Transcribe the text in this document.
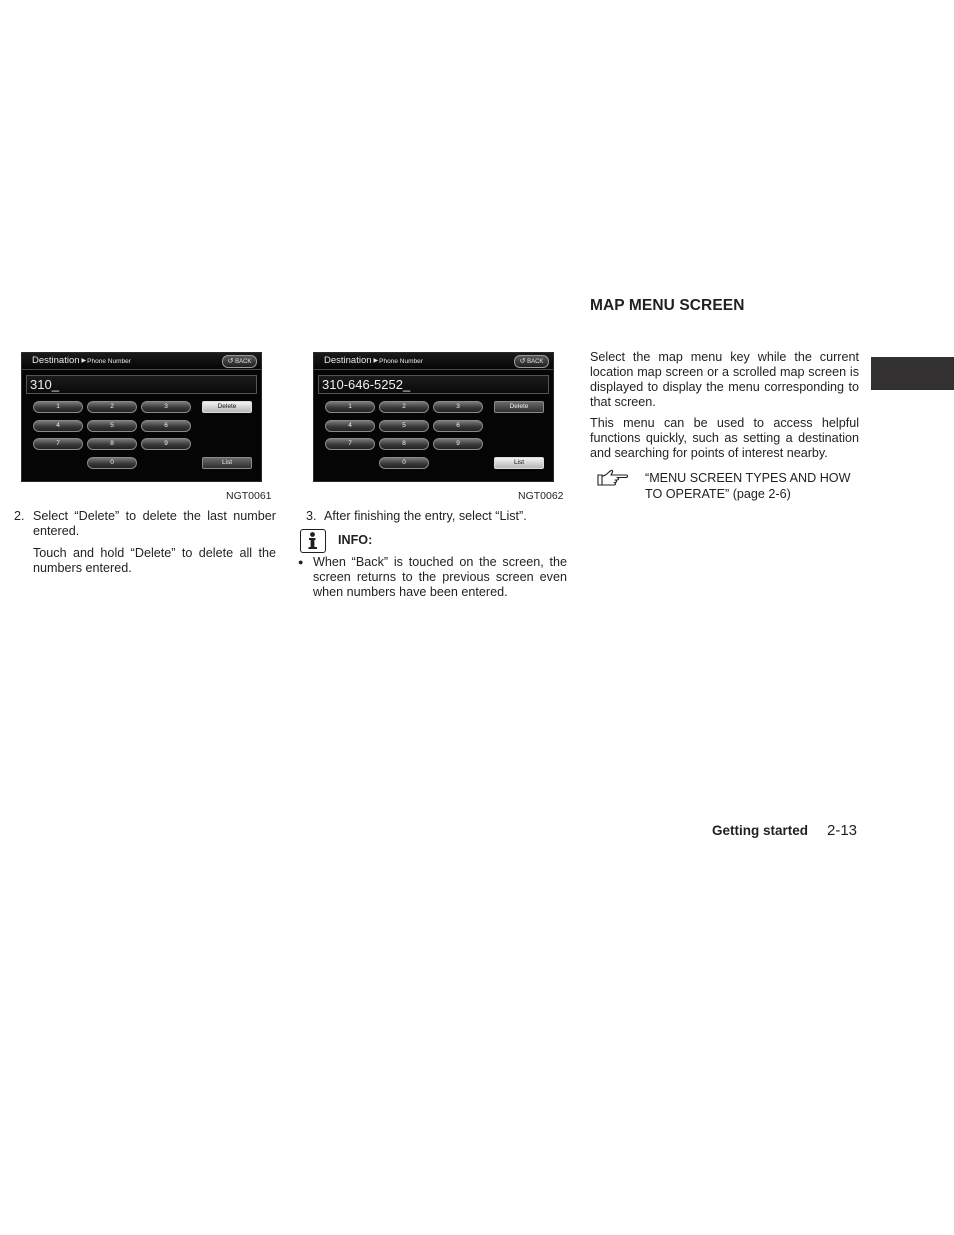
Destination ▶Phone Number	↺ BACK
310_
1	2	3
4	5	6
7	8	9
0
Delete
List
NGT0061
Destination ▶Phone Number	↺ BACK
310-646-5252_
1	2	3
4	5	6
7	8	9
0
Delete
List
NGT0062
2. Select “Delete” to delete the last number entered.
Touch and hold “Delete” to delete all the numbers entered.
3. After finishing the entry, select “List”.
INFO:
● When “Back” is touched on the screen, the screen returns to the previous screen even when numbers have been entered.
MAP MENU SCREEN
Select the map menu key while the current location map screen or a scrolled map screen is displayed to display the menu corresponding to that screen.
This menu can be used to access helpful functions quickly, such as setting a destination and searching for points of interest nearby.
“MENU SCREEN TYPES AND HOW TO OPERATE” (page 2-6)
Getting started 2-13
